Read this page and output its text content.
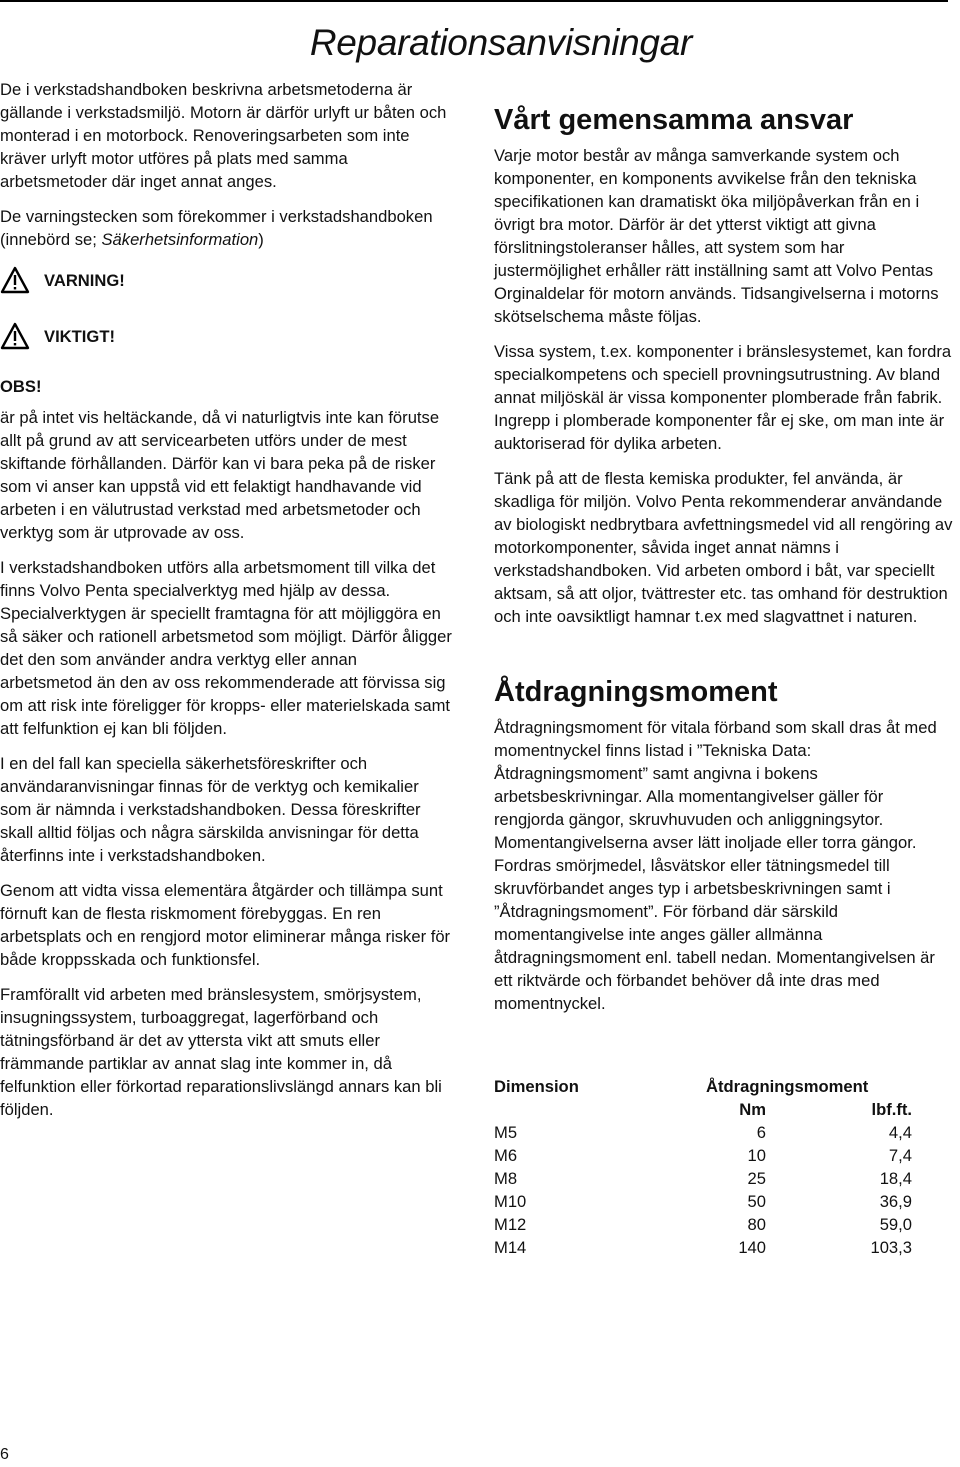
Reparationsanvisningar

De i verkstadshandboken beskrivna arbetsmetoderna är gällande i verkstadsmiljö. Motorn är därför urlyft ur båten och monterad i en motorbock. Renoveringsarbeten som inte kräver urlyft motor utföres på plats med samma arbetsmetoder där inget annat anges.

De varningstecken som förekommer i verkstadshandboken (innebörd se; Säkerhetsinformation)

VARNING!
VIKTIGT!
OBS!

är på intet vis heltäckande, då vi naturligtvis inte kan förutse allt på grund av att servicearbeten utförs under de mest skiftande förhållanden. Därför kan vi bara peka på de risker som vi anser kan uppstå vid ett felaktigt handhavande vid arbeten i en välutrustad verkstad med arbetsmetoder och verktyg som är utprovade av oss.

I verkstadshandboken utförs alla arbetsmoment till vilka det finns Volvo Penta specialverktyg med hjälp av dessa. Specialverktygen är speciellt framtagna för att möjliggöra en så säker och rationell arbetsmetod som möjligt. Därför åligger det den som använder andra verktyg eller annan arbetsmetod än den av oss rekommenderade att förvissa sig om att risk inte föreligger för kropps- eller materielskada samt att felfunktion ej kan bli följden.

I en del fall kan speciella säkerhetsföreskrifter och användaranvisningar finnas för de verktyg och kemikalier som är nämnda i verkstadshandboken. Dessa föreskrifter skall alltid följas och några särskilda anvisningar för detta återfinns inte i verkstadshandboken.

Genom att vidta vissa elementära åtgärder och tillämpa sunt förnuft kan de flesta riskmoment förebyggas. En ren arbetsplats och en rengjord motor eliminerar många risker för både kroppsskada och funktionsfel.

Framförallt vid arbeten med bränslesystem, smörjsystem, insugningssystem, turboaggregat, lagerförband och tätningsförband är det av yttersta vikt att smuts eller främmande partiklar av annat slag inte kommer in, då felfunktion eller förkortad reparationslivslängd annars kan bli följden.

Vårt gemensamma ansvar

Varje motor består av många samverkande system och komponenter, en komponents avvikelse från den tekniska specifikationen kan dramatiskt öka miljöpåverkan från en i övrigt bra motor. Därför är det ytterst viktigt att givna förslitningstoleranser hålles, att system som har justermöjlighet erhåller rätt inställning samt att Volvo Pentas Orginaldelar för motorn används. Tidsangivelserna i motorns skötselschema måste följas.

Vissa system, t.ex. komponenter i bränslesystemet, kan fordra specialkompetens och speciell provningsutrustning. Av bland annat miljöskäl är vissa komponenter plomberade från fabrik. Ingrepp i plomberade komponenter får ej ske, om man inte är auktoriserad för dylika arbeten.

Tänk på att de flesta kemiska produkter, fel använda, är skadliga för miljön. Volvo Penta rekommenderar användande av biologiskt nedbrytbara avfettningsmedel vid all rengöring av motorkomponenter, såvida inget annat nämns i verkstadshandboken. Vid arbeten ombord i båt, var speciellt aktsam, så att oljor, tvättrester etc. tas omhand för destruktion och inte oavsiktligt hamnar t.ex med slagvattnet i naturen.

Åtdragningsmoment

Åtdragningsmoment för vitala förband som skall dras åt med momentnyckel finns listad i ”Tekniska Data: Åtdragningsmoment” samt angivna i bokens arbetsbeskrivningar. Alla momentangivelser gäller för rengjorda gängor, skruvhuvuden och anliggningsytor. Momentangivelserna avser lätt inoljade eller torra gängor. Fordras smörjmedel, låsvätskor eller tätningsmedel till skruvförbandet anges typ i arbetsbeskrivningen samt i ”Åtdragningsmoment”. För förband där särskild momentangivelse inte anges gäller allmänna åtdragningsmoment enl. tabell nedan. Momentangivelsen är ett riktvärde och förbandet behöver då inte dras med momentnyckel.

Dimension	Åtdragningsmoment	
	Nm	lbf.ft.
M5	6	4,4
M6	10	7,4
M8	25	18,4
M10	50	36,9
M12	80	59,0
M14	140	103,3
6
